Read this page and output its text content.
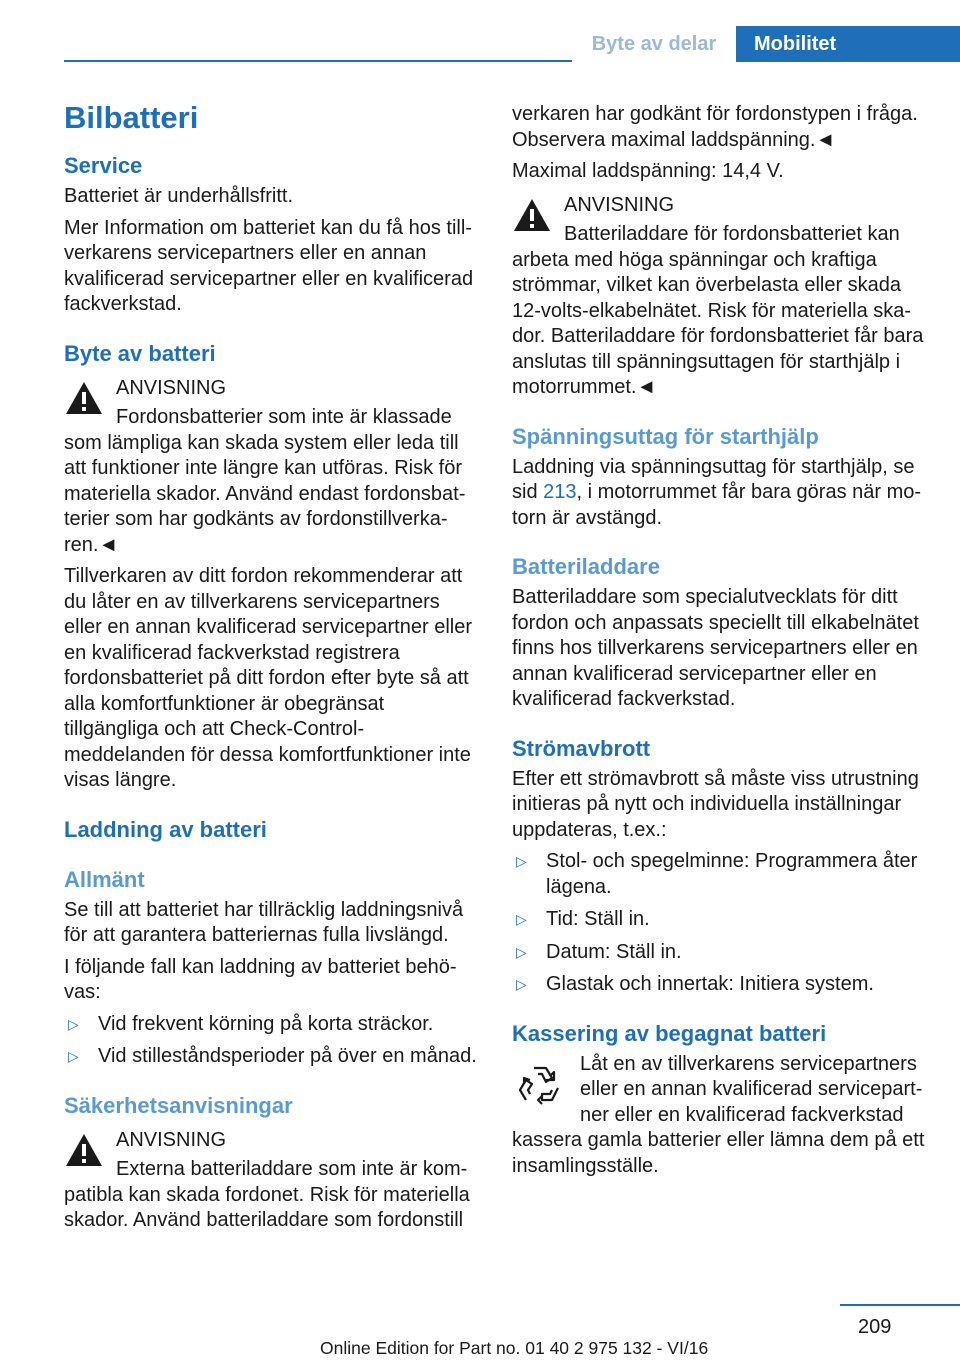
Byte av delar	Mobilitet
Bilbatteri
Service

Batteriet är underhållsfritt.

Mer Information om batteriet kan du få hos tillverkarens servicepartners eller en annan kvalificerad servicepartner eller en kvalificerad fackverkstad.

Byte av batteri
ANVISNING
Fordonsbatterier som inte är klassade som lämpliga kan skada system eller leda till att funktioner inte längre kan utföras. Risk för materiella skador. Använd endast fordonsbatterier som har godkänts av fordonstillverkaren.◄

Tillverkaren av ditt fordon rekommenderar att du låter en av tillverkarens servicepartners eller en annan kvalificerad servicepartner eller en kvalificerad fackverkstad registrera fordonsbatteriet på ditt fordon efter byte så att alla komfortfunktioner är obegränsat tillgängliga och att Check-Control-meddelanden för dessa komfortfunktioner inte visas längre.

Laddning av batteri
Allmänt

Se till att batteriet har tillräcklig laddningsnivå för att garantera batteriernas fulla livslängd.

I följande fall kan laddning av batteriet behövas:

▷ Vid frekvent körning på korta sträckor.
▷ Vid stilleståndsperioder på över en månad.
Säkerhetsanvisningar
ANVISNING
Externa batteriladdare som inte är kompatibla kan skada fordonet. Risk för materiella skador. Använd batteriladdare som fordonstill

verkaren har godkänt för fordonstypen i fråga. Observera maximal laddspänning.◄

Maximal laddspänning: 14,4 V.

ANVISNING
Batteriladdare för fordonsbatteriet kan arbeta med höga spänningar och kraftiga strömmar, vilket kan överbelasta eller skada 12-volts-elkabelnätet. Risk för materiella skador. Batteriladdare för fordonsbatteriet får bara anslutas till spänningsuttagen för starthjälp i motorrummet.◄
Spänningsuttag för starthjälp

Laddning via spänningsuttag för starthjälp, se sid 213, i motorrummet får bara göras när motorn är avstängd.

Batteriladdare

Batteriladdare som specialutvecklats för ditt fordon och anpassats speciellt till elkabelnätet finns hos tillverkarens servicepartners eller en annan kvalificerad servicepartner eller en kvalificerad fackverkstad.

Strömavbrott

Efter ett strömavbrott så måste viss utrustning initieras på nytt och individuella inställningar uppdateras, t.ex.:

▷ Stol- och spegelminne: Programmera åter lägena.
▷ Tid: Ställ in.
▷ Datum: Ställ in.
▷ Glastak och innertak: Initiera system.
Kassering av begagnat batteri
Låt en av tillverkarens servicepartners eller en annan kvalificerad servicepartner eller en kvalificerad fackverkstad kassera gamla batterier eller lämna dem på ett insamlingsställe.
209
Online Edition for Part no. 01 40 2 975 132 - VI/16
